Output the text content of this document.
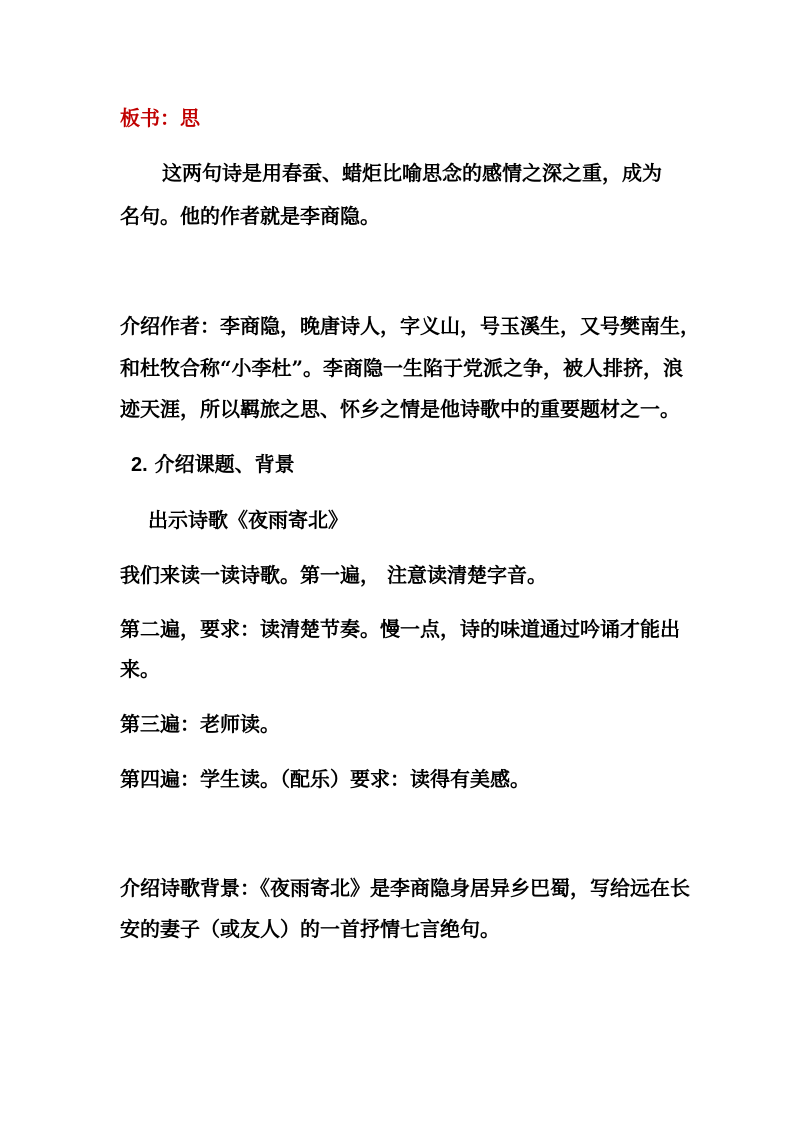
板书：思
这两句诗是用春蚕、蜡炬比喻思念的感情之深之重，成为
名句。他的作者就是李商隐。
介绍作者：李商隐，晚唐诗人，字义山，号玉溪生，又号樊南生，
和杜牧合称“小李杜”。李商隐一生陷于党派之争，被人排挤，浪
迹天涯，所以羁旅之思、怀乡之情是他诗歌中的重要题材之一。
2. 介绍课题、背景
出示诗歌《夜雨寄北》
我们来读一读诗歌。第一遍， 注意读清楚字音。
第二遍，要求：读清楚节奏。慢一点，诗的味道通过吟诵才能出
来。
第三遍：老师读。
第四遍：学生读。（配乐）要求：读得有美感。
介绍诗歌背景：《夜雨寄北》是李商隐身居异乡巴蜀，写给远在长
安的妻子（或友人）的一首抒情七言绝句。
